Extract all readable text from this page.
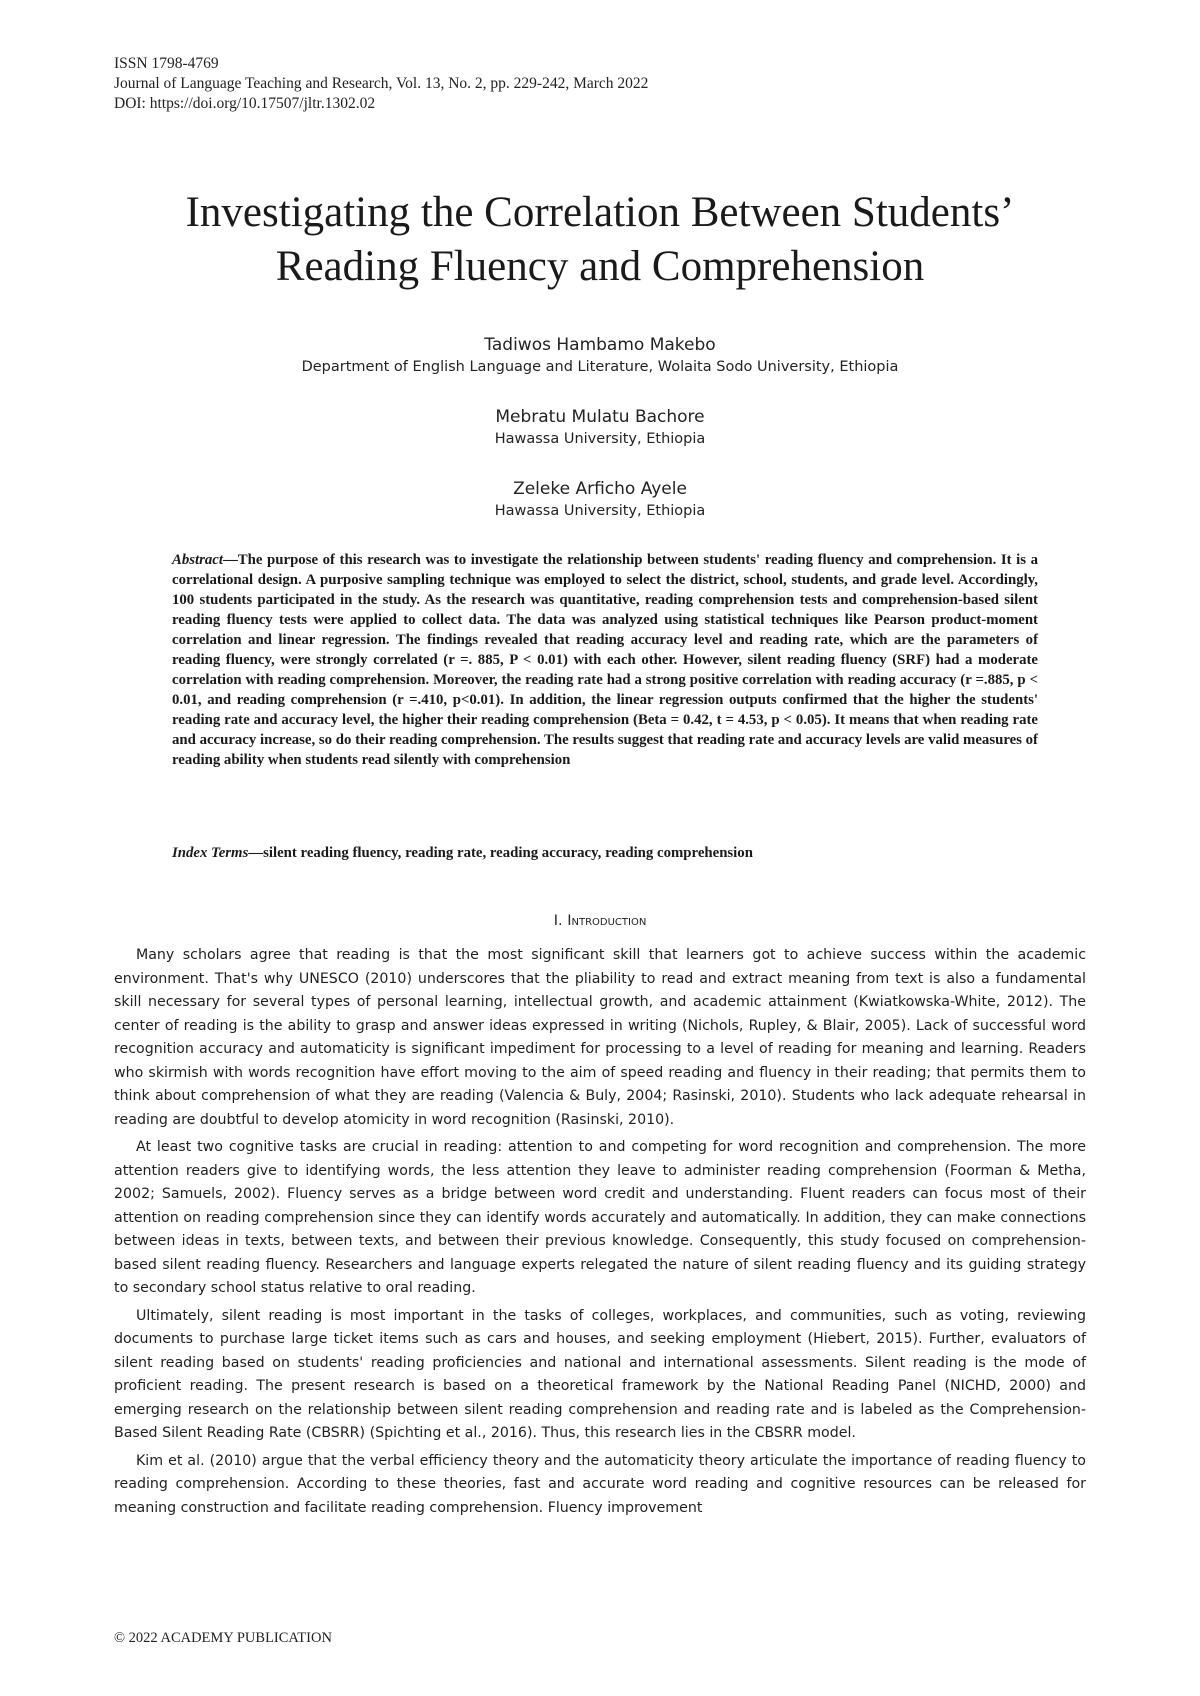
ISSN 1798-4769
Journal of Language Teaching and Research, Vol. 13, No. 2, pp. 229-242, March 2022
DOI: https://doi.org/10.17507/jltr.1302.02
Investigating the Correlation Between Students’
Reading Fluency and Comprehension
Tadiwos Hambamo Makebo
Department of English Language and Literature, Wolaita Sodo University, Ethiopia
Mebratu Mulatu Bachore
Hawassa University, Ethiopia
Zeleke Arficho Ayele
Hawassa University, Ethiopia
Abstract—The purpose of this research was to investigate the relationship between students' reading fluency and comprehension. It is a correlational design. A purposive sampling technique was employed to select the district, school, students, and grade level. Accordingly, 100 students participated in the study. As the research was quantitative, reading comprehension tests and comprehension-based silent reading fluency tests were applied to collect data. The data was analyzed using statistical techniques like Pearson product-moment correlation and linear regression. The findings revealed that reading accuracy level and reading rate, which are the parameters of reading fluency, were strongly correlated (r =. 885, P < 0.01) with each other. However, silent reading fluency (SRF) had a moderate correlation with reading comprehension. Moreover, the reading rate had a strong positive correlation with reading accuracy (r =.885, p < 0.01, and reading comprehension (r =.410, p<0.01). In addition, the linear regression outputs confirmed that the higher the students' reading rate and accuracy level, the higher their reading comprehension (Beta = 0.42, t = 4.53, p < 0.05). It means that when reading rate and accuracy increase, so do their reading comprehension. The results suggest that reading rate and accuracy levels are valid measures of reading ability when students read silently with comprehension
Index Terms—silent reading fluency, reading rate, reading accuracy, reading comprehension
I. Introduction

Many scholars agree that reading is that the most significant skill that learners got to achieve success within the academic environment. That's why UNESCO (2010) underscores that the pliability to read and extract meaning from text is also a fundamental skill necessary for several types of personal learning, intellectual growth, and academic attainment (Kwiatkowska-White, 2012). The center of reading is the ability to grasp and answer ideas expressed in writing (Nichols, Rupley, & Blair, 2005). Lack of successful word recognition accuracy and automaticity is significant impediment for processing to a level of reading for meaning and learning. Readers who skirmish with words recognition have effort moving to the aim of speed reading and fluency in their reading; that permits them to think about comprehension of what they are reading (Valencia & Buly, 2004; Rasinski, 2010). Students who lack adequate rehearsal in reading are doubtful to develop atomicity in word recognition (Rasinski, 2010).

At least two cognitive tasks are crucial in reading: attention to and competing for word recognition and comprehension. The more attention readers give to identifying words, the less attention they leave to administer reading comprehension (Foorman & Metha, 2002; Samuels, 2002). Fluency serves as a bridge between word credit and understanding. Fluent readers can focus most of their attention on reading comprehension since they can identify words accurately and automatically. In addition, they can make connections between ideas in texts, between texts, and between their previous knowledge. Consequently, this study focused on comprehension-based silent reading fluency. Researchers and language experts relegated the nature of silent reading fluency and its guiding strategy to secondary school status relative to oral reading.

Ultimately, silent reading is most important in the tasks of colleges, workplaces, and communities, such as voting, reviewing documents to purchase large ticket items such as cars and houses, and seeking employment (Hiebert, 2015). Further, evaluators of silent reading based on students' reading proficiencies and national and international assessments. Silent reading is the mode of proficient reading. The present research is based on a theoretical framework by the National Reading Panel (NICHD, 2000) and emerging research on the relationship between silent reading comprehension and reading rate and is labeled as the Comprehension-Based Silent Reading Rate (CBSRR) (Spichting et al., 2016). Thus, this research lies in the CBSRR model.

Kim et al. (2010) argue that the verbal efficiency theory and the automaticity theory articulate the importance of reading fluency to reading comprehension. According to these theories, fast and accurate word reading and cognitive resources can be released for meaning construction and facilitate reading comprehension. Fluency improvement

© 2022 ACADEMY PUBLICATION
